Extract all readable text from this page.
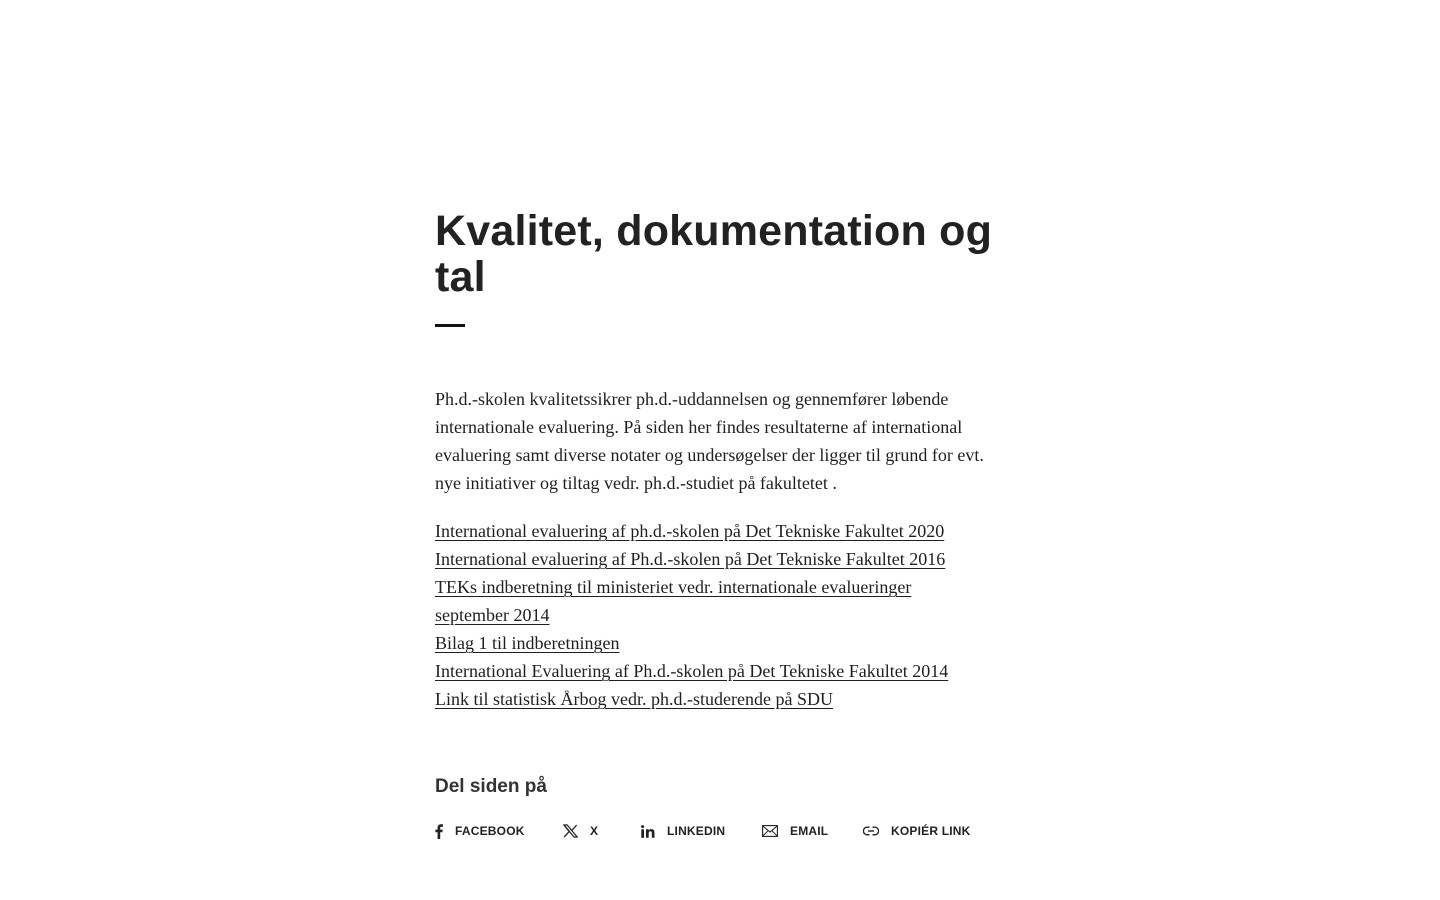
Kvalitet, dokumentation og tal

Ph.d.-skolen kvalitetssikrer ph.d.-uddannelsen og gennemfører løbende internationale evaluering. På siden her findes resultaterne af international evaluering samt diverse notater og undersøgelser der ligger til grund for evt. nye initiativer og tiltag vedr. ph.d.-studiet på fakultetet .

International evaluering af ph.d.-skolen på Det Tekniske Fakultet 2020
International evaluering af Ph.d.-skolen på Det Tekniske Fakultet 2016
TEKs indberetning til ministeriet vedr. internationale evalueringer september 2014
Bilag 1 til indberetningen
International Evaluering af Ph.d.-skolen på Det Tekniske Fakultet 2014
Link til statistisk Årbog vedr. ph.d.-studerende på SDU
Del siden på
FACEBOOK	X	LINKEDIN	EMAIL	KOPIÉR LINK
